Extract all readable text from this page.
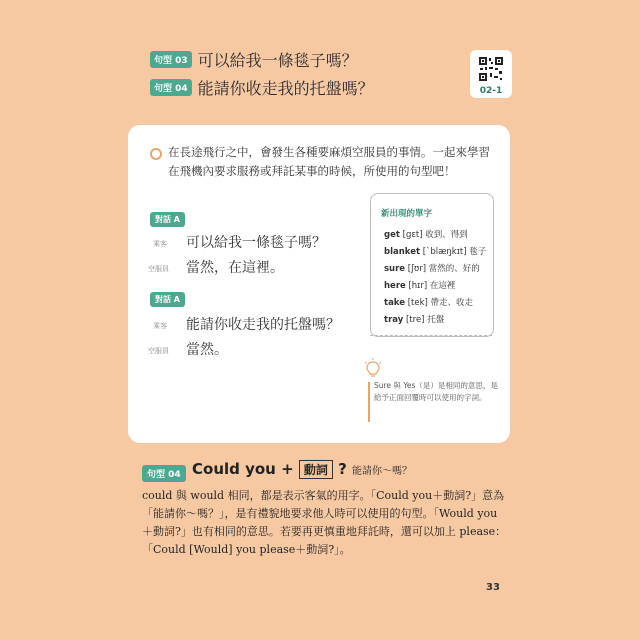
句型 03 可以給我一條毯子嗎？
句型 04 能請你收走我的托盤嗎？	02-1
在長途飛行之中，會發生各種要麻煩空服員的事情。一起來學習在飛機內要求服務或拜託某事的時候，所使用的句型吧！
對話 A
乘客 可以給我一條毯子嗎？
空服員 當然，在這裡。
對話 A
乘客 能請你收走我的托盤嗎？
空服員 當然。
新出現的單字
get [gɛt] 收到、得到
blanket [ˋblæŋkɪt] 毯子
sure [ʃʊr] 當然的、好的
here [hɪr] 在這裡
take [tek] 帶走、收走
tray [tre] 托盤
Sure 與 Yes（是）是相同的意思，是給予正面回覆時可以使用的字詞。
句型 04 Could you + 動詞 ? 能請你～嗎？
could 與 would 相同，都是表示客氣的用字。「Could you＋動詞?」意為「能請你～嗎？」，是有禮貌地要求他人時可以使用的句型。「Would you＋動詞?」也有相同的意思。若要再更慎重地拜託時，還可以加上 please：「Could [Would] you please＋動詞?」。
33
